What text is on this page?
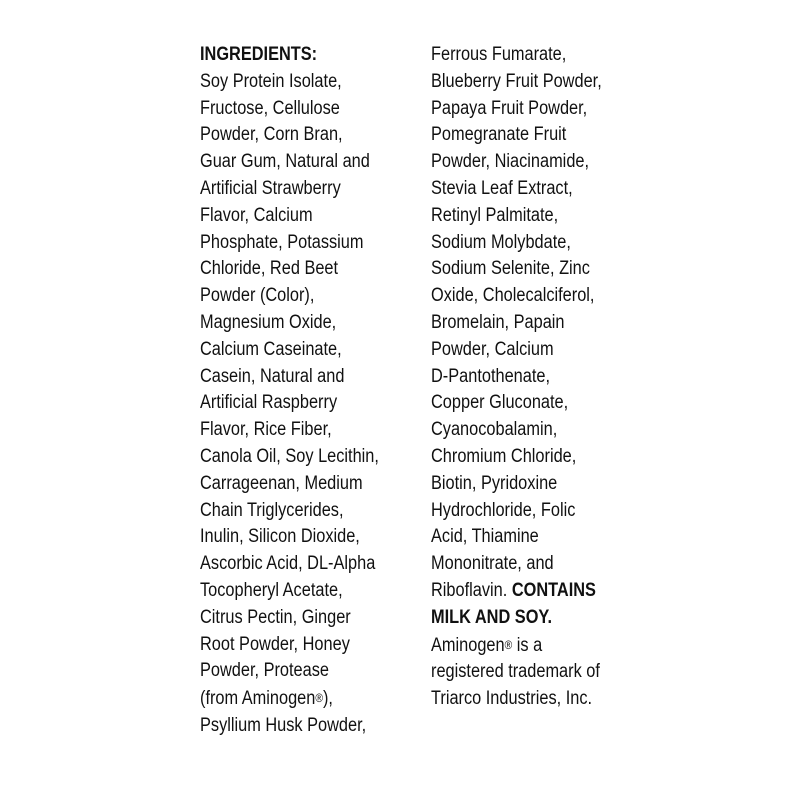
INGREDIENTS:
Soy Protein Isolate,
Fructose, Cellulose
Powder, Corn Bran,
Guar Gum, Natural and
Artificial Strawberry
Flavor, Calcium
Phosphate, Potassium
Chloride, Red Beet
Powder (Color),
Magnesium Oxide,
Calcium Caseinate,
Casein, Natural and
Artificial Raspberry
Flavor, Rice Fiber,
Canola Oil, Soy Lecithin,
Carrageenan, Medium
Chain Triglycerides,
Inulin, Silicon Dioxide,
Ascorbic Acid, DL-Alpha
Tocopheryl Acetate,
Citrus Pectin, Ginger
Root Powder, Honey
Powder, Protease
(from Aminogen®),
Psyllium Husk Powder,
Ferrous Fumarate,
Blueberry Fruit Powder,
Papaya Fruit Powder,
Pomegranate Fruit
Powder, Niacinamide,
Stevia Leaf Extract,
Retinyl Palmitate,
Sodium Molybdate,
Sodium Selenite, Zinc
Oxide, Cholecalciferol,
Bromelain, Papain
Powder, Calcium
D-Pantothenate,
Copper Gluconate,
Cyanocobalamin,
Chromium Chloride,
Biotin, Pyridoxine
Hydrochloride, Folic
Acid, Thiamine
Mononitrate, and
Riboflavin. CONTAINS
MILK AND SOY.
Aminogen® is a
registered trademark of
Triarco Industries, Inc.
